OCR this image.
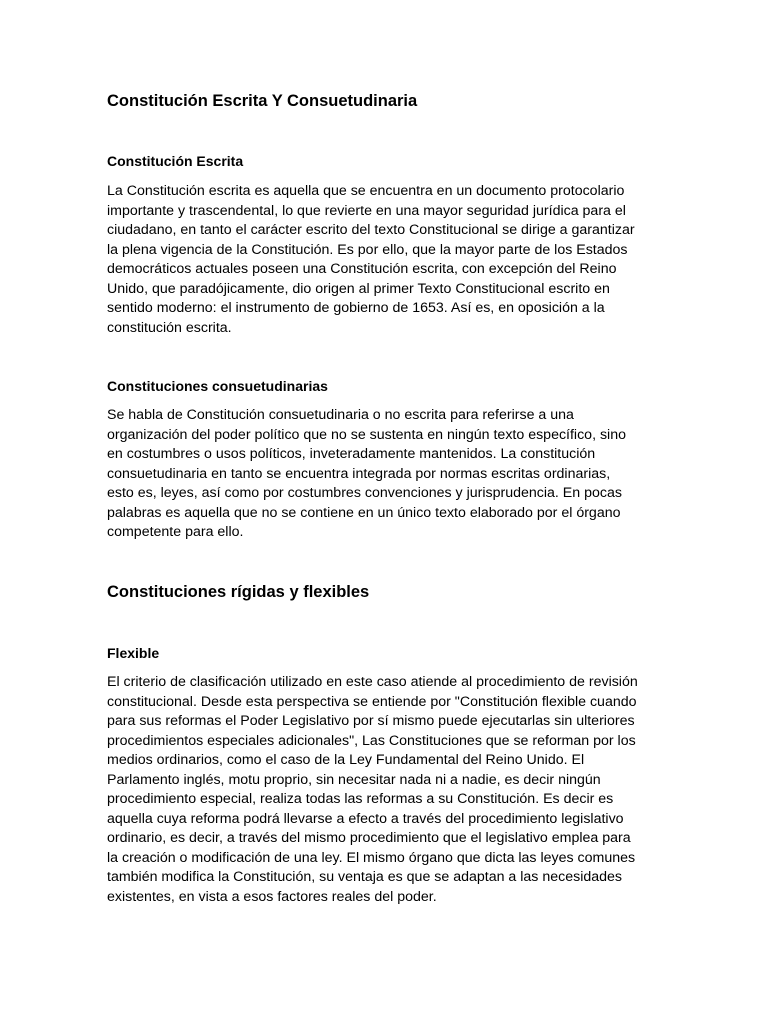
Constitución Escrita Y Consuetudinaria
Constitución Escrita

La Constitución escrita es aquella que se encuentra en un documento protocolario
importante y trascendental, lo que revierte en una mayor seguridad jurídica para el
ciudadano, en tanto el carácter escrito del texto Constitucional se dirige a garantizar
la plena vigencia de la Constitución. Es por ello, que la mayor parte de los Estados
democráticos actuales poseen una Constitución escrita, con excepción del Reino
Unido, que paradójicamente, dio origen al primer Texto Constitucional escrito en
sentido moderno: el instrumento de gobierno de 1653. Así es, en oposición a la
constitución escrita.

Constituciones consuetudinarias

Se habla de Constitución consuetudinaria o no escrita para referirse a una
organización del poder político que no se sustenta en ningún texto específico, sino
en costumbres o usos políticos, inveteradamente mantenidos. La constitución
consuetudinaria en tanto se encuentra integrada por normas escritas ordinarias,
esto es, leyes, así como por costumbres convenciones y jurisprudencia. En pocas
palabras es aquella que no se contiene en un único texto elaborado por el órgano
competente para ello.

Constituciones rígidas y flexibles
Flexible

El criterio de clasificación utilizado en este caso atiende al procedimiento de revisión
constitucional. Desde esta perspectiva se entiende por "Constitución flexible cuando
para sus reformas el Poder Legislativo por sí mismo puede ejecutarlas sin ulteriores
procedimientos especiales adicionales", Las Constituciones que se reforman por los
medios ordinarios, como el caso de la Ley Fundamental del Reino Unido. El
Parlamento inglés, motu proprio, sin necesitar nada ni a nadie, es decir ningún
procedimiento especial, realiza todas las reformas a su Constitución. Es decir es
aquella cuya reforma podrá llevarse a efecto a través del procedimiento legislativo
ordinario, es decir, a través del mismo procedimiento que el legislativo emplea para
la creación o modificación de una ley. El mismo órgano que dicta las leyes comunes
también modifica la Constitución, su ventaja es que se adaptan a las necesidades
existentes, en vista a esos factores reales del poder.
